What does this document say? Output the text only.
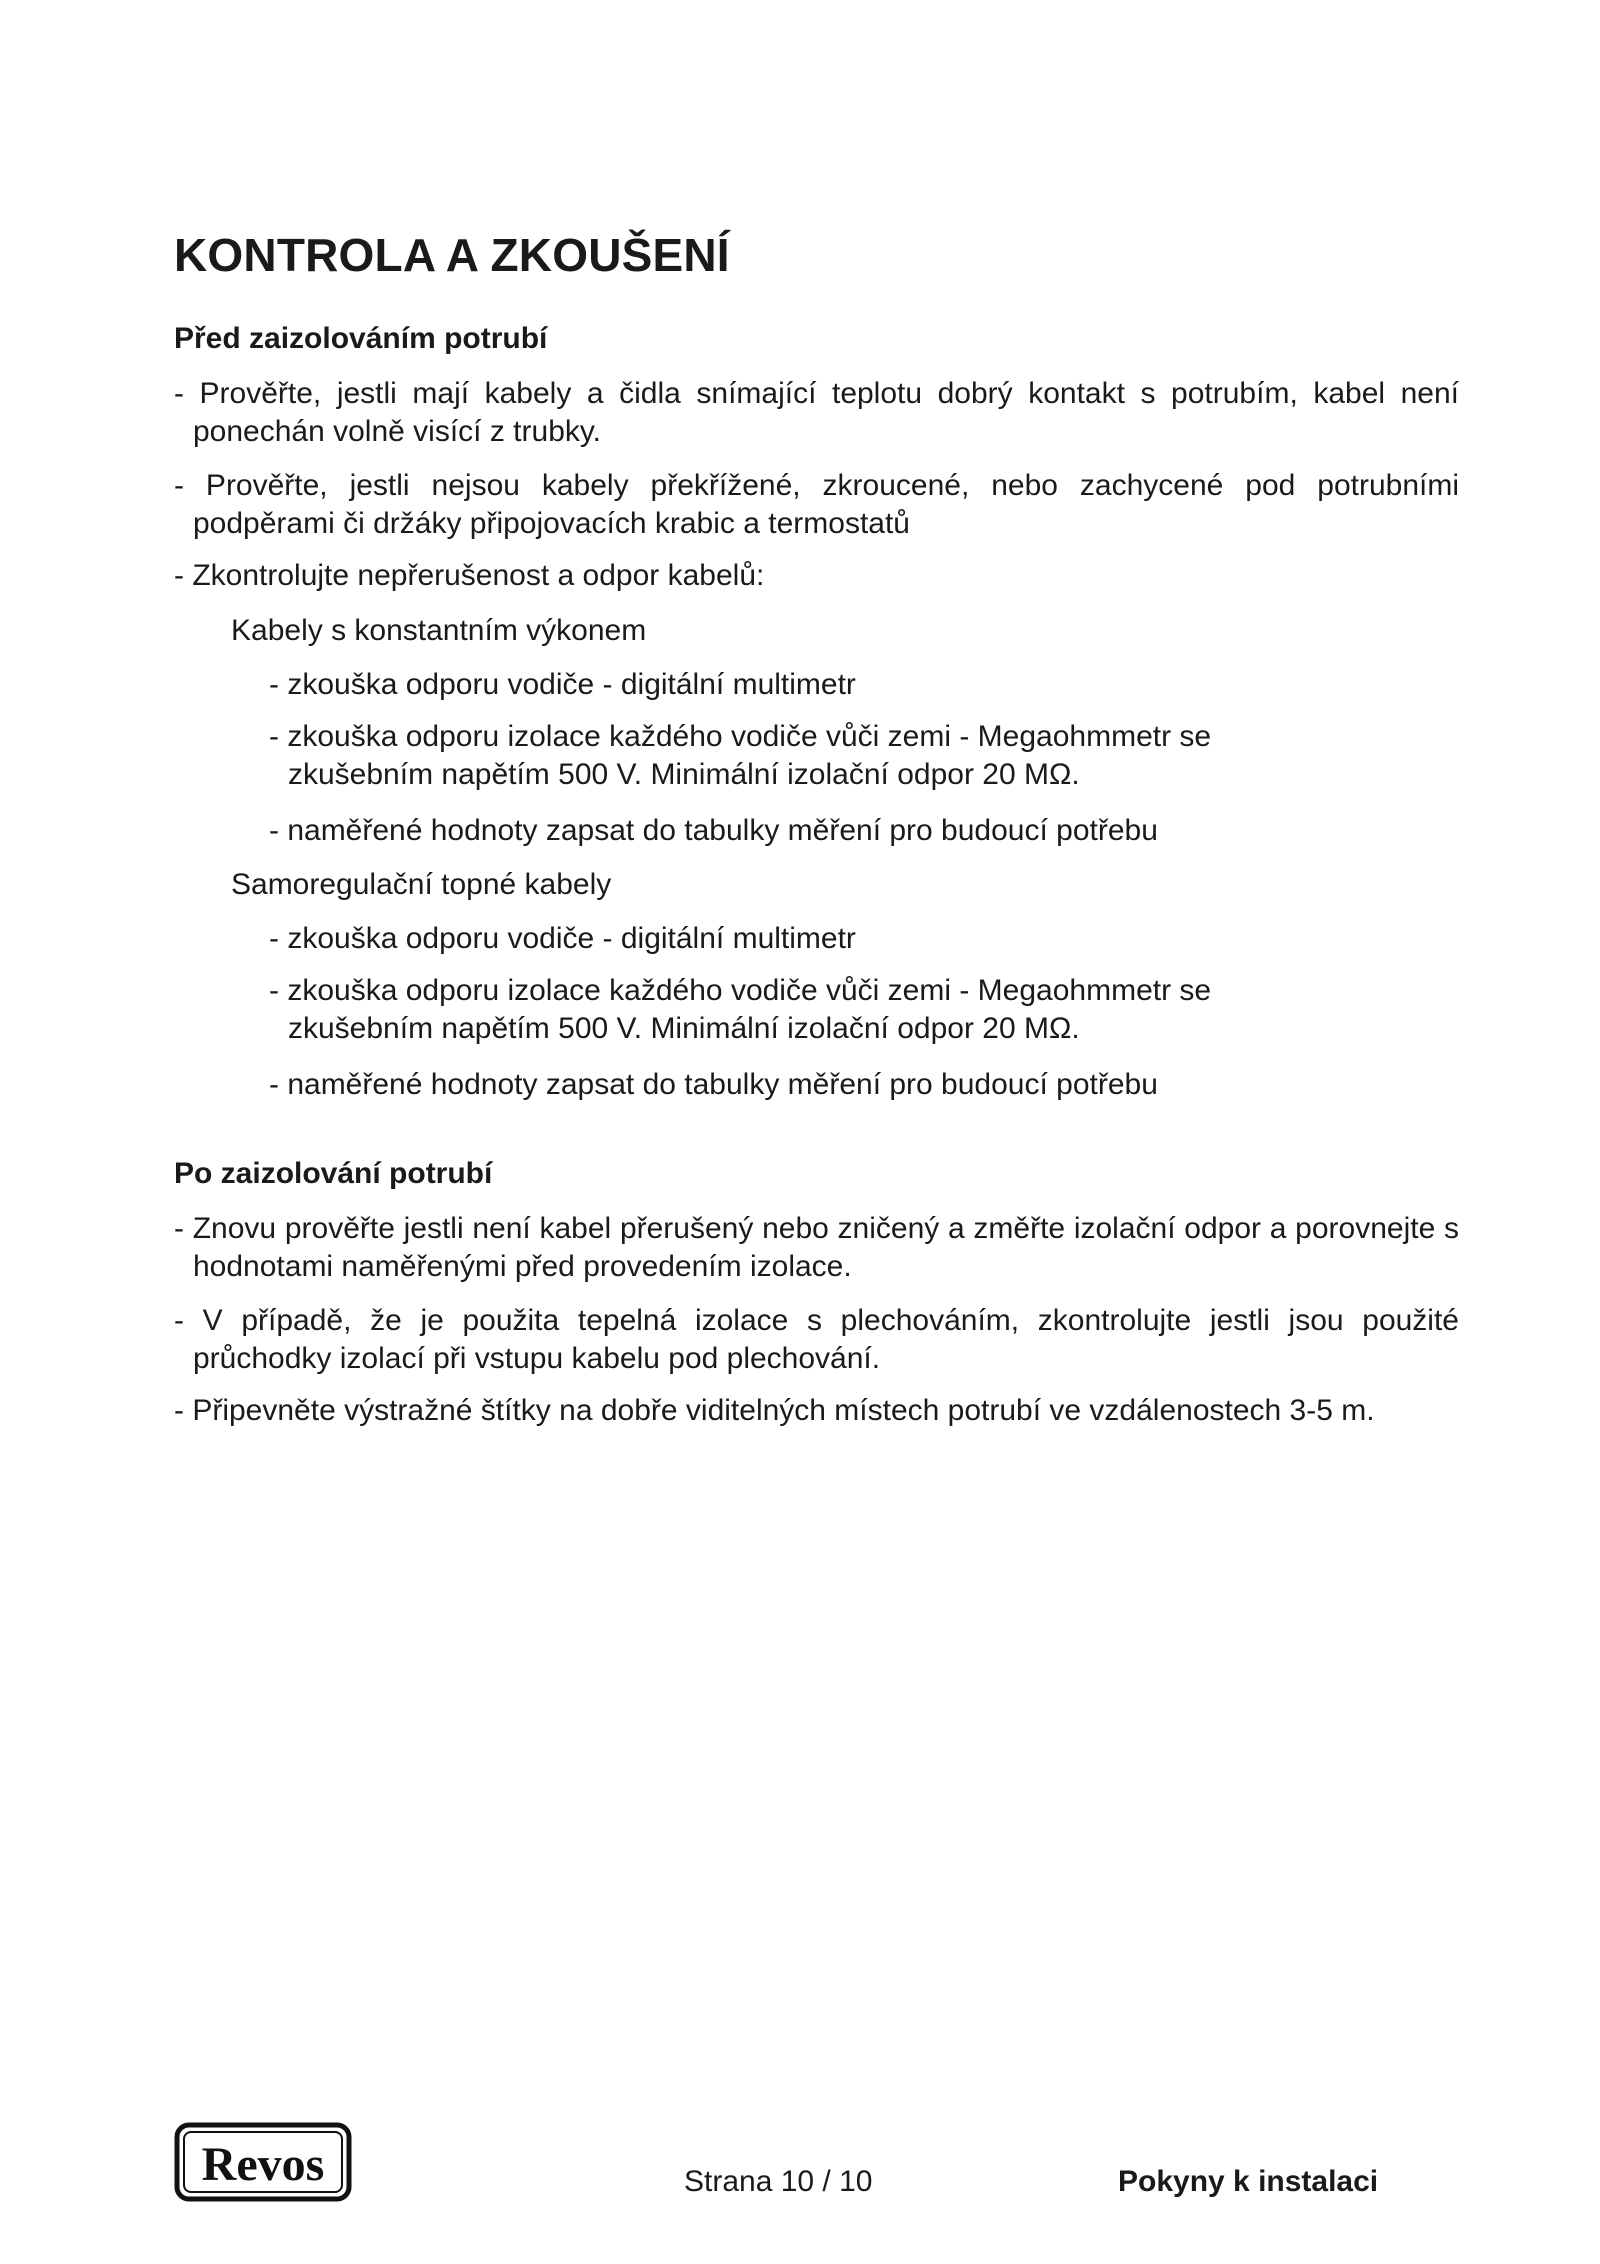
KONTROLA A ZKOUŠENÍ
Před zaizolováním potrubí

- Prověřte, jestli mají kabely a čidla snímající teplotu dobrý kontakt s potrubím, kabel není ponechán volně visící z trubky.

- Prověřte, jestli nejsou kabely překřížené, zkroucené, nebo zachycené pod potrubními podpěrami či držáky připojovacích krabic a termostatů

- Zkontrolujte nepřerušenost a odpor kabelů:

Kabely s konstantním výkonem

- zkouška odporu vodiče - digitální multimetr

- zkouška odporu izolace každého vodiče vůči zemi - Megaohmmetr se zkušebním napětím 500 V. Minimální izolační odpor 20 MΩ.

- naměřené hodnoty zapsat do tabulky měření pro budoucí potřebu

Samoregulační topné kabely

- zkouška odporu vodiče - digitální multimetr

- zkouška odporu izolace každého vodiče vůči zemi - Megaohmmetr se zkušebním napětím 500 V. Minimální izolační odpor 20 MΩ.

- naměřené hodnoty zapsat do tabulky měření pro budoucí potřebu

Po zaizolování potrubí

- Znovu prověřte jestli není kabel přerušený nebo zničený a změřte izolační odpor a porovnejte s hodnotami naměřenými před provedením izolace.

- V případě, že je použita tepelná izolace s plechováním, zkontrolujte jestli jsou použité průchodky izolací při vstupu kabelu pod plechování.

- Připevněte výstražné štítky na dobře viditelných místech potrubí ve vzdálenostech 3-5 m.

Revos	Strana 10 / 10	Pokyny k instalaci
